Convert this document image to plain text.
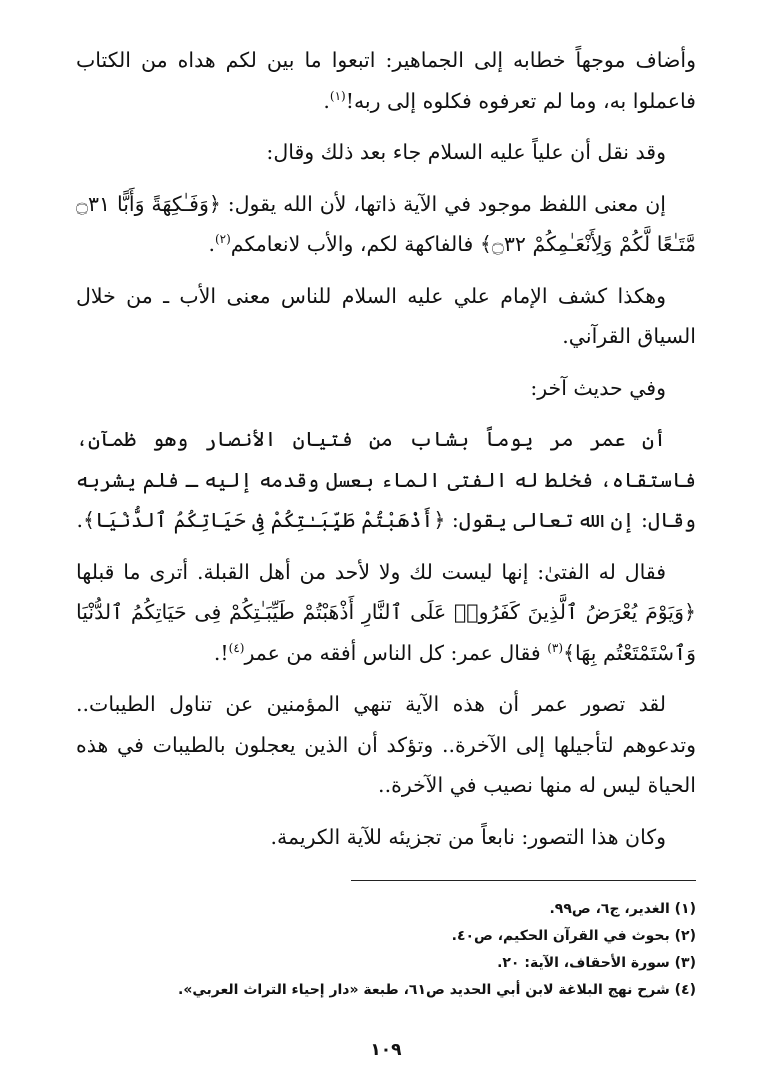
وأضاف موجهاً خطابه إلى الجماهير: اتبعوا ما بين لكم هداه من الكتاب فاعملوا به، وما لم تعرفوه فكلوه إلى ربه!$^{(١)}$.

وقد نقل أن علياً عليه السلام جاء بعد ذلك وقال:

إن معنى اللفظ موجود في الآية ذاتها، لأن الله يقول: ﴿وَفَـٰكِهَةً وَأَبًّا ۝٣١ مَّتَـٰعًا لَّكُمْ وَلِأَنْعَـٰمِكُمْ ۝٣٢﴾ فالفاكهة لكم، والأب لانعامكم$^{(٢)}$.

وهكذا كشف الإمام علي عليه السلام للناس معنى الأب ـ من خلال السياق القرآني.

وفي حديث آخر:

أن عمر مر يوماً بشاب من فتيان الأنصار وهو ظمآن، فاستقاه، فخلط له الفتى الماء بعسل وقدمه إليه ـ فلم يشربه وقال: إن الله تعالى يقول: ﴿أَذْهَبْتُمْ طَيِّبَـٰتِكُمْ فِى حَيَاتِكُمُ ٱلدُّنْيَا﴾.

فقال له الفتىٰ: إنها ليست لك ولا لأحد من أهل القبلة. أترى ما قبلها ﴿وَيَوْمَ يُعْرَضُ ٱلَّذِينَ كَفَرُوا۟ عَلَى ٱلنَّارِ أَذْهَبْتُمْ طَيِّبَـٰتِكُمْ فِى حَيَاتِكُمُ ٱلدُّنْيَا وَٱسْتَمْتَعْتُم بِهَا﴾$^{(٣)}$ فقال عمر: كل الناس أفقه من عمر$^{(٤)}$!.

لقد تصور عمر أن هذه الآية تنهي المؤمنين عن تناول الطيبات.. وتدعوهم لتأجيلها إلى الآخرة.. وتؤكد أن الذين يعجلون بالطيبات في هذه الحياة ليس له منها نصيب في الآخرة..

وكان هذا التصور: نابعاً من تجزيئه للآية الكريمة.

(١) الغدير، ج٦، ص٩٩.
(٢) بحوث في القرآن الحكيم، ص٤٠.
(٣) سورة الأحقاف، الآية: ٢٠.
(٤) شرح نهج البلاغة لابن أبي الحديد ص٦١، طبعة «دار إحياء التراث العربي».
١٠٩
